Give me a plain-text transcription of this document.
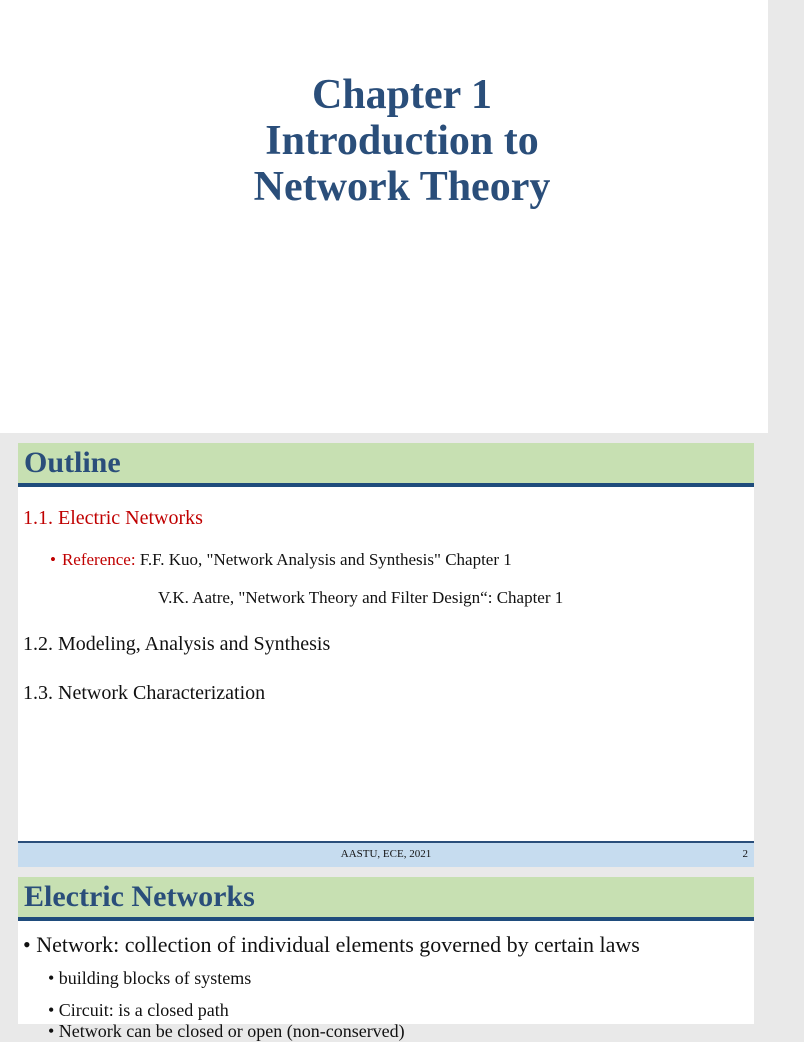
Chapter 1
Introduction to
Network Theory
Outline
1.1. Electric Networks
• Reference: F.F. Kuo, "Network Analysis and Synthesis" Chapter 1
V.K. Aatre, "Network Theory and Filter Design“: Chapter 1
1.2. Modeling, Analysis and Synthesis
1.3. Network Characterization
AASTU, ECE, 2021	2
Electric Networks
• Network: collection of individual elements governed by certain laws
• building blocks of systems
• Circuit: is a closed path
• Network can be closed or open (non-conserved)
